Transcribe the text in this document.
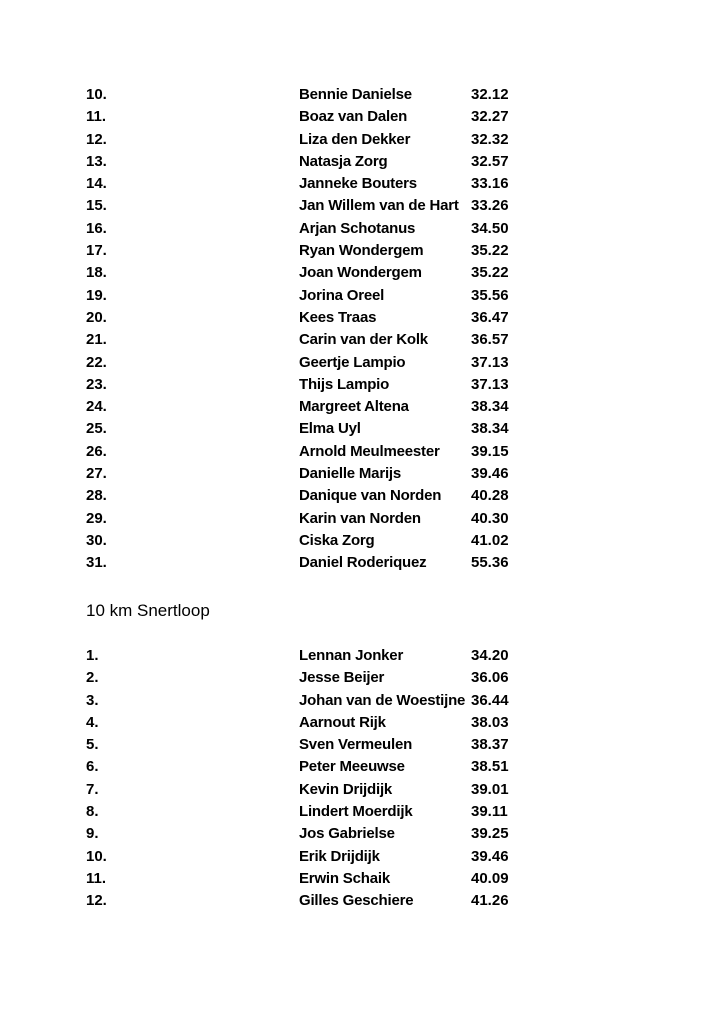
10.	Bennie Danielse	32.12
11.	Boaz van Dalen	32.27
12.	Liza den Dekker	32.32
13.	Natasja Zorg	32.57
14.	Janneke Bouters	33.16
15.	Jan Willem van de Hart 33.26
16.	Arjan Schotanus	34.50
17.	Ryan Wondergem	35.22
18.	Joan Wondergem	35.22
19.	Jorina Oreel	35.56
20.	Kees Traas	36.47
21.	Carin van der Kolk	36.57
22.	Geertje Lampio	37.13
23.	Thijs Lampio	37.13
24.	Margreet Altena	38.34
25.	Elma Uyl	38.34
26.	Arnold Meulmeester 39.15
27.	Danielle Marijs	39.46
28.	Danique van Norden 40.28
29.	Karin van Norden	40.30
30.	Ciska Zorg	41.02
31.	Daniel Roderiquez	55.36
10 km Snertloop
1.	Lennan Jonker	34.20
2.	Jesse Beijer	36.06
3.	Johan van de Woestijne 36.44
4.	Aarnout Rijk	38.03
5.	Sven Vermeulen	38.37
6.	Peter Meeuwse	38.51
7.	Kevin Drijdijk	39.01
8.	Lindert Moerdijk	39.11
9.	Jos Gabrielse	39.25
10.	Erik Drijdijk	39.46
11.	Erwin Schaik	40.09
12.	Gilles Geschiere	41.26
